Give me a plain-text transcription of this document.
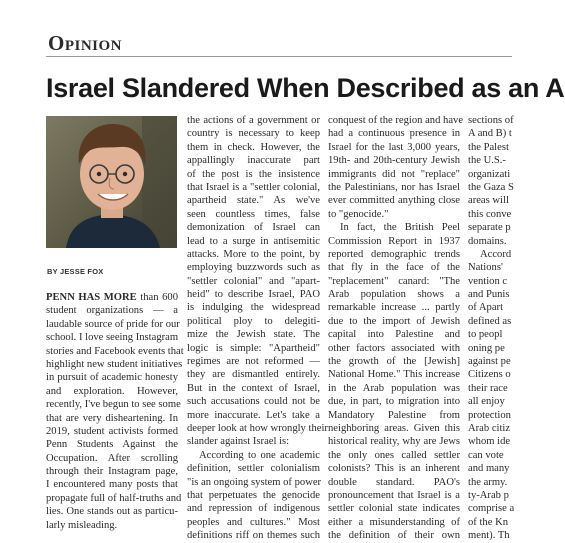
Opinion
Israel Slandered When Described as an A
BY JESSE FOX
PENN HAS MORE than 600
student organizations — a
laudable source of pride for our
school. I love seeing Instagram
stories and Facebook events that
highlight new student initiatives
in pursuit of academic honesty
and exploration. However,
recently, I've begun to see some
that are very disheartening. In
2019, student activists formed
Penn Students Against the
Occupation. After scrolling
through their Instagram page,
I encountered many posts that
propagate full of half-truths and
lies. One stands out as particu-
larly misleading.
the actions of a government or
country is necessary to keep
them in check. However, the
appallingly inaccurate part
of the post is the insistence
that Israel is a "settler colonial,
apartheid state." As we've
seen countless times, false
demonization of Israel can
lead to a surge in antisemitic
attacks. More to the point, by
employing buzzwords such as
"settler colonial" and "apart-
heid" to describe Israel, PAO
is indulging the widespread
political ploy to delegiti-
mize the Jewish state. The
logic is simple: "Apartheid"
regimes are not reformed —
they are dismantled entirely.
But in the context of Israel,
such accusations could not be
more inaccurate. Let's take a
deeper look at how wrongly their
slander against Israel is:
According to one academic
definition, settler colonialism
"is an ongoing system of power
that perpetuates the genocide
and repression of indigenous
peoples and cultures." Most
definitions riff on themes such
conquest of the region and have
had a continuous presence in
Israel for the last 3,000 years,
19th- and 20th-century Jewish
immigrants did not "replace"
the Palestinians, nor has Israel
ever committed anything close
to "genocide."
In fact, the British Peel
Commission Report in 1937
reported demographic trends
that fly in the face of the
"replacement" canard: "The
Arab population shows a
remarkable increase ... partly
due to the import of Jewish
capital into Palestine and
other factors associated with
the growth of the [Jewish]
National Home." This increase
in the Arab population was
due, in part, to migration into
Mandatory Palestine from
neighboring areas. Given this
historical reality, why are Jews
the only ones called settler
colonists? This is an inherent
double standard. PAO's
pronouncement that Israel is a
settler colonial state indicates
either a misunderstanding of
the definition of their own
sections of
A and B) t
the Palest
the U.S.-
organizati
the Gaza S
areas will
this conve
separate p
domains.
Accord
Nations'
vention c
and Punis
of Apart
defined as
to peopl
oning pe
against pe
Citizens o
their race
all enjoy
protection
Arab citiz
whom ide
can vote
and many
the army.
ty-Arab p
comprise a
of the Kn
ment). Th
